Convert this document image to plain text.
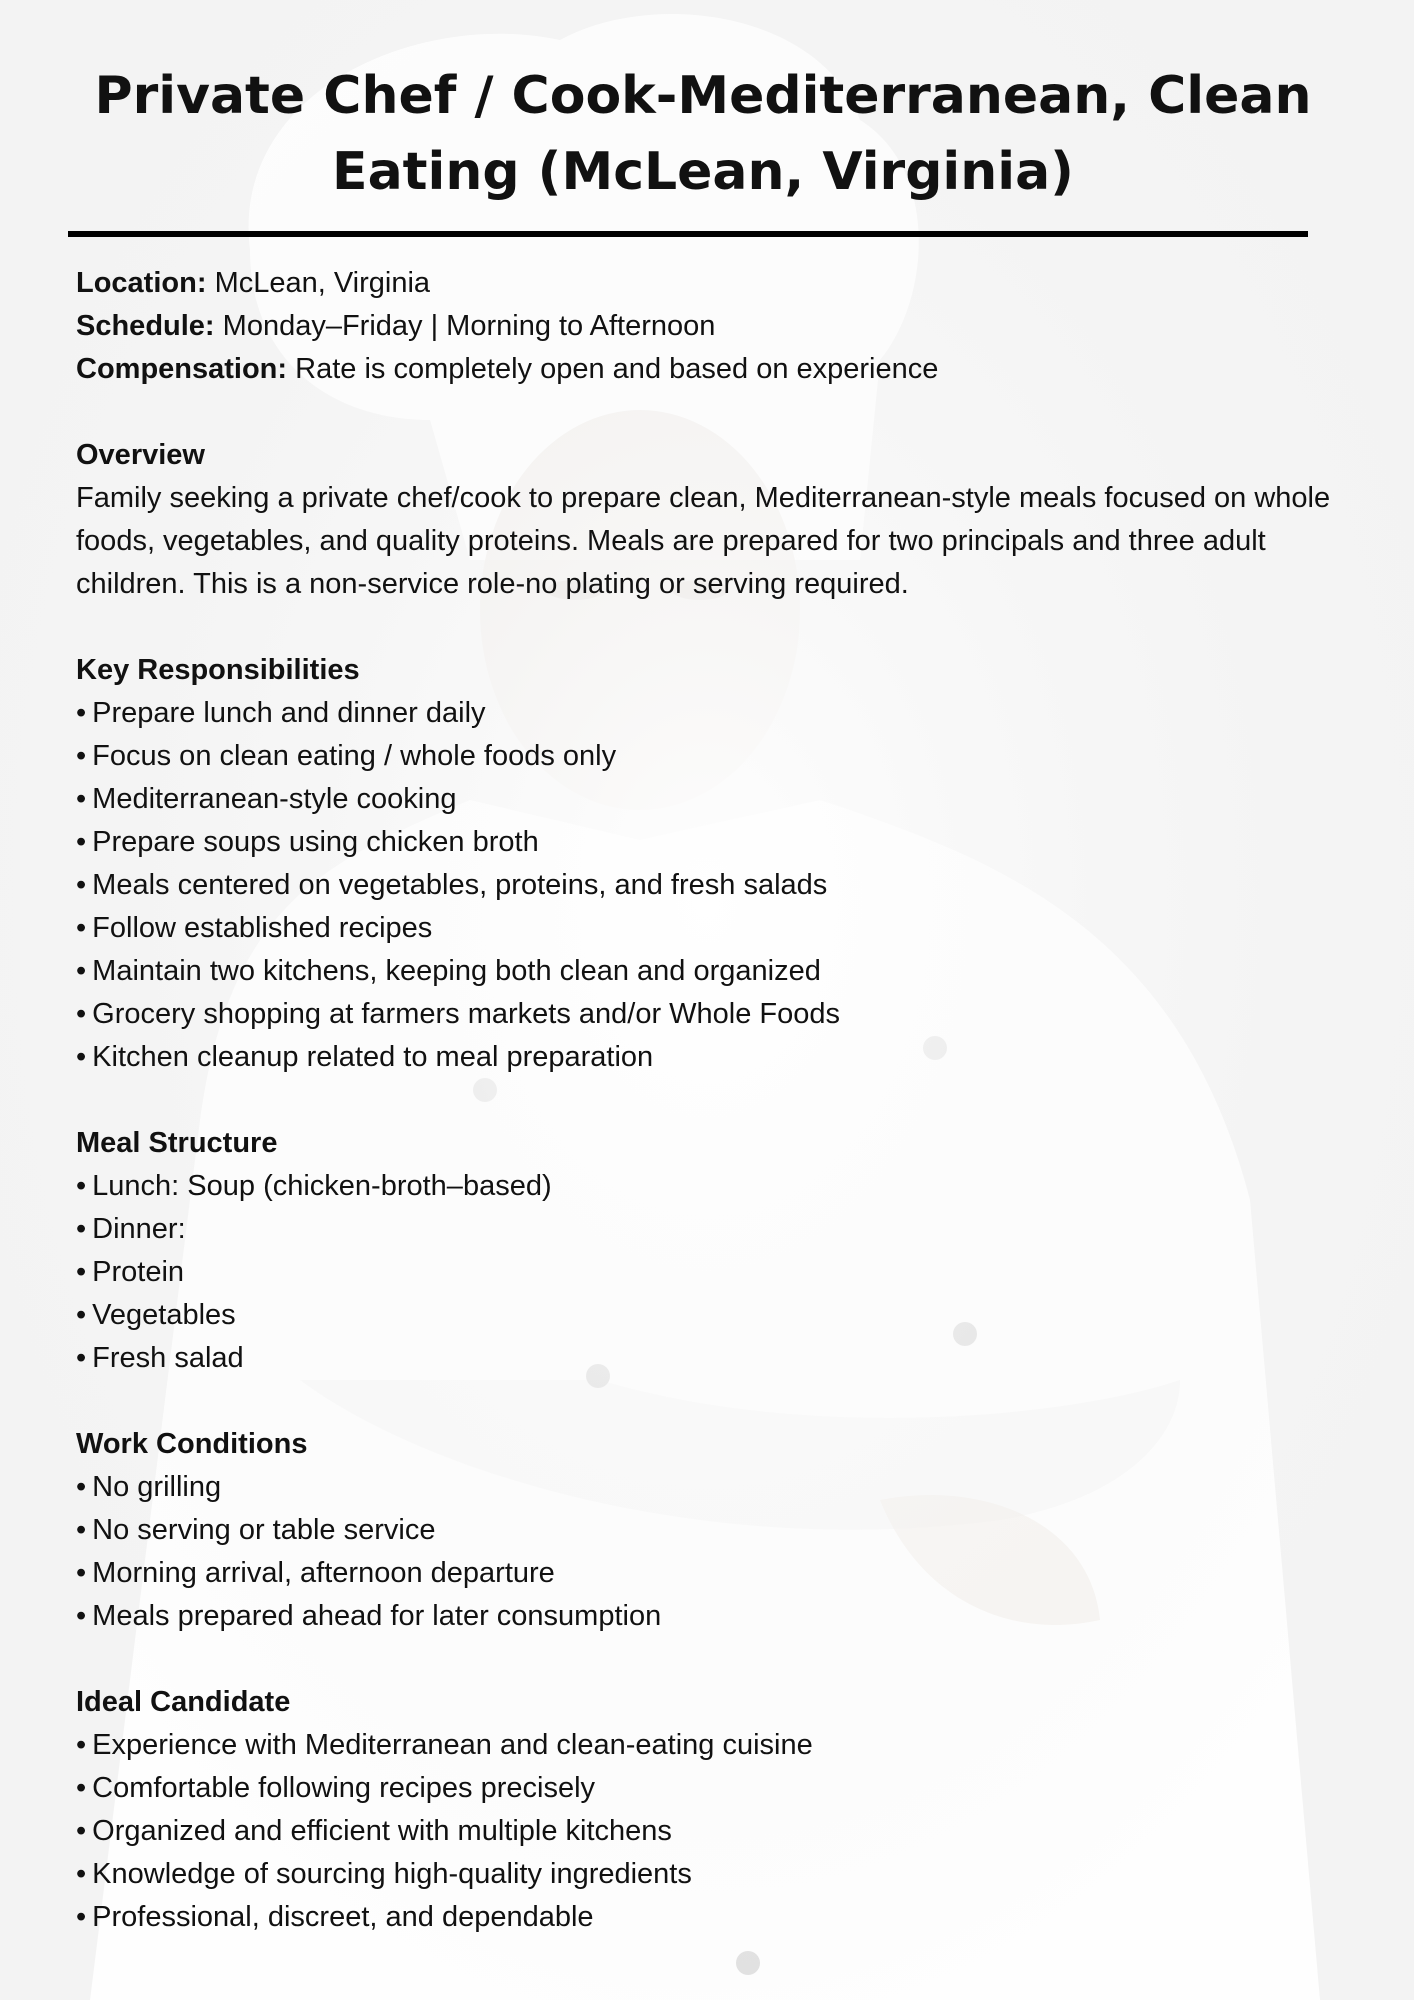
Private Chef / Cook-Mediterranean, Clean Eating (McLean, Virginia)

Location: McLean, Virginia

Schedule: Monday–Friday | Morning to Afternoon

Compensation: Rate is completely open and based on experience

Overview

Family seeking a private chef/cook to prepare clean, Mediterranean-style meals focused on whole foods, vegetables, and quality proteins. Meals are prepared for two principals and three adult children. This is a non-service role-no plating or serving required.

Key Responsibilities

• Prepare lunch and dinner daily
• Focus on clean eating / whole foods only
• Mediterranean-style cooking
• Prepare soups using chicken broth
• Meals centered on vegetables, proteins, and fresh salads
• Follow established recipes
• Maintain two kitchens, keeping both clean and organized
• Grocery shopping at farmers markets and/or Whole Foods
• Kitchen cleanup related to meal preparation

Meal Structure

• Lunch: Soup (chicken-broth–based)
• Dinner:
• Protein
• Vegetables
• Fresh salad

Work Conditions

• No grilling
• No serving or table service
• Morning arrival, afternoon departure
• Meals prepared ahead for later consumption

Ideal Candidate

• Experience with Mediterranean and clean-eating cuisine
• Comfortable following recipes precisely
• Organized and efficient with multiple kitchens
• Knowledge of sourcing high-quality ingredients
• Professional, discreet, and dependable
